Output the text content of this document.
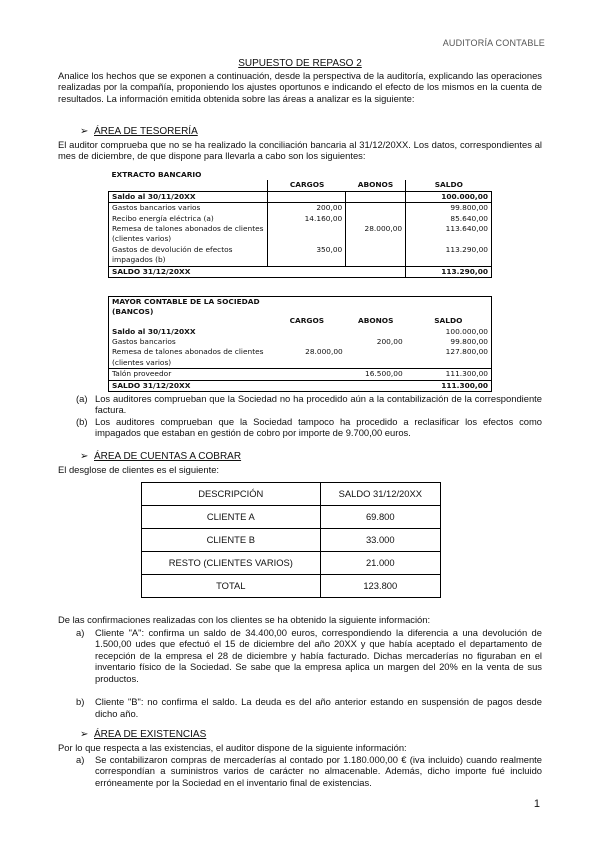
AUDITORÍA CONTABLE
SUPUESTO DE REPASO 2
Analice los hechos que se exponen a continuación, desde la perspectiva de la auditoría, explicando las operaciones realizadas por la compañía, proponiendo los ajustes oportunos e indicando el efecto de los mismos en la cuenta de resultados. La información emitida obtenida sobre las áreas a analizar es la siguiente:
➢ ÁREA DE TESORERÍA
El auditor comprueba que no se ha realizado la conciliación bancaria al 31/12/20XX. Los datos, correspondientes al mes de diciembre, de que dispone para llevarla a cabo son los siguientes:
EXTRACTO BANCARIO			
	CARGOS	ABONOS	SALDO
Saldo al 30/11/20XX			100.000,00
Gastos bancarios varios	200,00		99.800,00
Recibo energía eléctrica (a)	14.160,00		85.640,00
Remesa de talones abonados de clientes		28.000,00	113.640,00
(clientes varios)			
Gastos de devolución de efectos	350,00		113.290,00
impagados (b)			
SALDO 31/12/20XX			113.290,00
MAYOR CONTABLE DE LA SOCIEDAD (BANCOS)			
	CARGOS	ABONOS	SALDO
Saldo al 30/11/20XX			100.000,00
Gastos bancarios		200,00	99.800,00
Remesa de talones abonados de clientes	28.000,00		127.800,00
(clientes varios)			
Talón proveedor		16.500,00	111.300,00
SALDO 31/12/20XX			111.300,00
(a) Los auditores comprueban que la Sociedad no ha procedido aún a la contabilización de la correspondiente factura.
(b) Los auditores comprueban que la Sociedad tampoco ha procedido a reclasificar los efectos como impagados que estaban en gestión de cobro por importe de 9.700,00 euros.
➢ ÁREA DE CUENTAS A COBRAR
El desglose de clientes es el siguiente:
DESCRIPCIÓN	SALDO 31/12/20XX
CLIENTE A	69.800
CLIENTE B	33.000
RESTO (CLIENTES VARIOS)	21.000
TOTAL	123.800
De las confirmaciones realizadas con los clientes se ha obtenido la siguiente información:
a) Cliente "A": confirma un saldo de 34.400,00 euros, correspondiendo la diferencia a una devolución de 1.500,00 udes que efectuó el 15 de diciembre del año 20XX y que había aceptado el departamento de recepción de la empresa el 28 de diciembre y había facturado. Dichas mercaderías no figuraban en el inventario físico de la Sociedad. Se sabe que la empresa aplica un margen del 20% en la venta de sus productos.
b) Cliente "B": no confirma el saldo. La deuda es del año anterior estando en suspensión de pagos desde dicho año.
➢ ÁREA DE EXISTENCIAS
Por lo que respecta a las existencias, el auditor dispone de la siguiente información:
a) Se contabilizaron compras de mercaderías al contado por 1.180.000,00 € (iva incluido) cuando realmente correspondían a suministros varios de carácter no almacenable. Además, dicho importe fué incluido erróneamente por la Sociedad en el inventario final de existencias.
1
